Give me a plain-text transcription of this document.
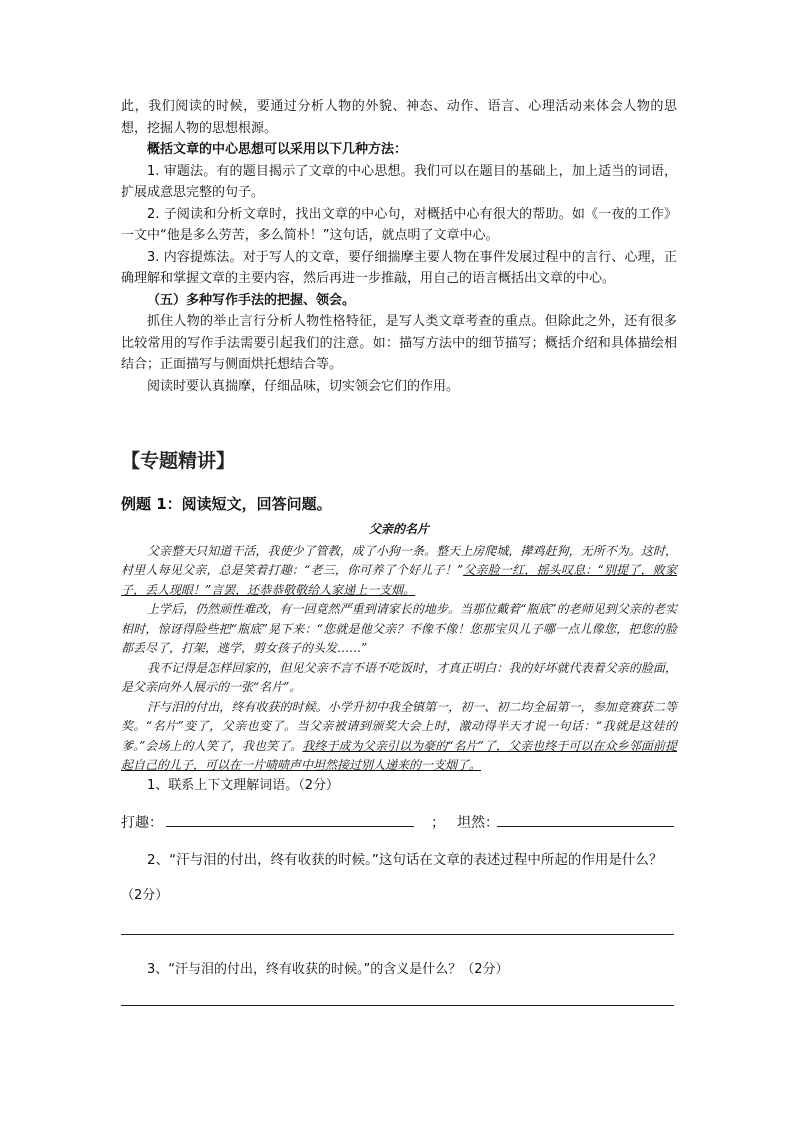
此，我们阅读的时候，要通过分析人物的外貌、神态、动作、语言、心理活动来体会人物的思想，挖掘人物的思想根源。

概括文章的中心思想可以采用以下几种方法：

1. 审题法。有的题目揭示了文章的中心思想。我们可以在题目的基础上，加上适当的词语，扩展成意思完整的句子。

2. 子阅读和分析文章时，找出文章的中心句，对概括中心有很大的帮助。如《一夜的工作》一文中“他是多么劳苦，多么简朴！”这句话，就点明了文章中心。

3. 内容提炼法。对于写人的文章，要仔细揣摩主要人物在事件发展过程中的言行、心理，正确理解和掌握文章的主要内容，然后再进一步推敲，用自己的语言概括出文章的中心。

（五）多种写作手法的把握、领会。

抓住人物的举止言行分析人物性格特征，是写人类文章考查的重点。但除此之外，还有很多比较常用的写作手法需要引起我们的注意。如：描写方法中的细节描写；概括介绍和具体描绘相结合；正面描写与侧面烘托想结合等。

阅读时要认真揣摩，仔细品味，切实领会它们的作用。

【专题精讲】
例题 1：阅读短文，回答问题。
父亲的名片

父亲整天只知道干活，我使少了管教，成了小狗一条。整天上房爬城，撵鸡赶狗，无所不为。这时，村里人每见父亲，总是笑着打趣：“老三，你可养了个好儿子！”父亲脸一红，摇头叹息：“别提了，败家子，丢人现眼！”言罢，还恭恭敬敬给人家递上一支烟。

上学后，仍然顽性难改，有一回竟然严重到请家长的地步。当那位戴着“瓶底”的老师见到父亲的老实相时，惊讶得险些把“瓶底”晃下来：“您就是他父亲？不像不像！您那宝贝儿子哪一点儿像您，把您的脸都丢尽了，打架，逃学，剪女孩子的头发……”

我不记得是怎样回家的，但见父亲不言不语不吃饭时，才真正明白：我的好坏就代表着父亲的脸面，是父亲向外人展示的一张“名片”。

汗与泪的付出，终有收获的时候。小学升初中我全镇第一，初一、初二均全届第一，参加竞赛获二等奖。“名片”变了，父亲也变了。当父亲被请到颁奖大会上时，激动得半天才说一句话：“我就是这娃的爹。”会场上的人笑了，我也笑了。我终于成为父亲引以为豪的“名片”了，父亲也终于可以在众乡邻面前提起自己的儿子，可以在一片啧啧声中坦然接过别人递来的一支烟了。

1、联系上下文理解词语。（2分）
打趣：	； 坦然：
2、“汗与泪的付出，终有收获的时候。”这句话在文章的表述过程中所起的作用是什么？
（2分）
3、“汗与泪的付出，终有收获的时候。”的含义是什么？（2分）
